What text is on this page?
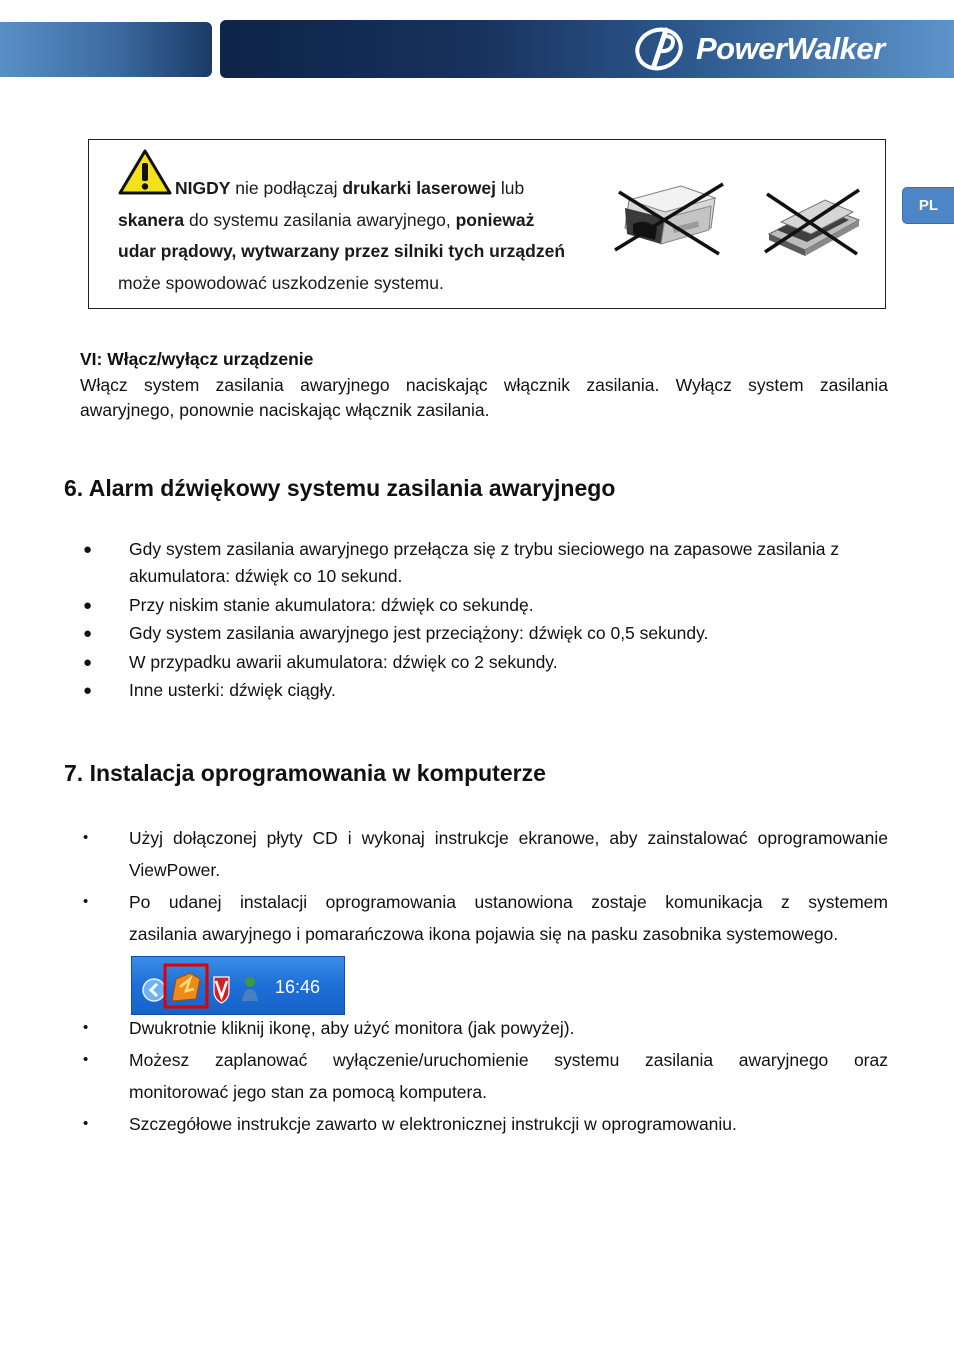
PowerWalker
PL
NIGDY nie podłączaj drukarki laserowej lub
skanera do systemu zasilania awaryjnego, ponieważ
udar prądowy, wytwarzany przez silniki tych urządzeń
może spowodować uszkodzenie systemu.
VI: Włącz/wyłącz urządzenie
Włącz system zasilania awaryjnego naciskając włącznik zasilania. Wyłącz system zasilania
awaryjnego, ponownie naciskając włącznik zasilania.
6. Alarm dźwiękowy systemu zasilania awaryjnego
● Gdy system zasilania awaryjnego przełącza się z trybu sieciowego na zapasowe zasilania z
akumulatora: dźwięk co 10 sekund.
● Przy niskim stanie akumulatora: dźwięk co sekundę.
● Gdy system zasilania awaryjnego jest przeciążony: dźwięk co 0,5 sekundy.
● W przypadku awarii akumulatora: dźwięk co 2 sekundy.
● Inne usterki: dźwięk ciągły.
7. Instalacja oprogramowania w komputerze
• Użyj dołączonej płyty CD i wykonaj instrukcje ekranowe, aby zainstalować oprogramowanie
ViewPower.
• Po udanej instalacji oprogramowania ustanowiona zostaje komunikacja z systemem
zasilania awaryjnego i pomarańczowa ikona pojawia się na pasku zasobnika systemowego.
16:46
• Dwukrotnie kliknij ikonę, aby użyć monitora (jak powyżej).
• Możesz zaplanować wyłączenie/uruchomienie systemu zasilania awaryjnego oraz
monitorować jego stan za pomocą komputera.
• Szczegółowe instrukcje zawarto w elektronicznej instrukcji w oprogramowaniu.
